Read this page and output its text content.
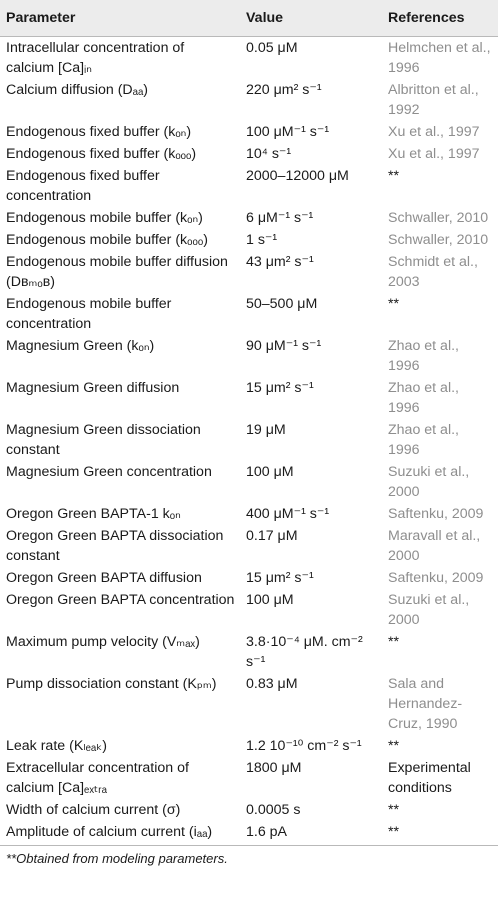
Parameter	Value	References
Intracellular concentration of calcium [Ca]ᵢₙ	0.05 μM	Helmchen et al., 1996
Calcium diffusion (Dₐₐ)	220 μm² s⁻¹	Albritton et al., 1992
Endogenous fixed buffer (kₒₙ)	100 μM⁻¹ s⁻¹	Xu et al., 1997
Endogenous fixed buffer (kₒₒₒ)	10⁴ s⁻¹	Xu et al., 1997
Endogenous fixed buffer concentration	2000–12000 μM	**
Endogenous mobile buffer (kₒₙ)	6 μM⁻¹ s⁻¹	Schwaller, 2010
Endogenous mobile buffer (kₒₒₒ)	1 s⁻¹	Schwaller, 2010
Endogenous mobile buffer diffusion (Dʙₘₒʙ)	43 μm² s⁻¹	Schmidt et al., 2003
Endogenous mobile buffer concentration	50–500 μM	**
Magnesium Green (kₒₙ)	90 μM⁻¹ s⁻¹	Zhao et al., 1996
Magnesium Green diffusion	15 μm² s⁻¹	Zhao et al., 1996
Magnesium Green dissociation constant	19 μM	Zhao et al., 1996
Magnesium Green concentration	100 μM	Suzuki et al., 2000
Oregon Green BAPTA-1 kₒₙ	400 μM⁻¹ s⁻¹	Saftenku, 2009
Oregon Green BAPTA dissociation constant	0.17 μM	Maravall et al., 2000
Oregon Green BAPTA diffusion	15 μm² s⁻¹	Saftenku, 2009
Oregon Green BAPTA concentration	100 μM	Suzuki et al., 2000
Maximum pump velocity (Vₘₐₓ)	3.8·10⁻⁴ μM. cm⁻² s⁻¹	**
Pump dissociation constant (Kₚₘ)	0.83 μM	Sala and Hernandez-Cruz, 1990
Leak rate (Kₗₑₐₖ)	1.2 10⁻¹⁰ cm⁻² s⁻¹	**
Extracellular concentration of calcium [Ca]ₑₓₜᵣₐ	1800 μM	Experimental conditions
Width of calcium current (σ)	0.0005 s	**
Amplitude of calcium current (iₐₐ)	1.6 pA	**
**Obtained from modeling parameters.
